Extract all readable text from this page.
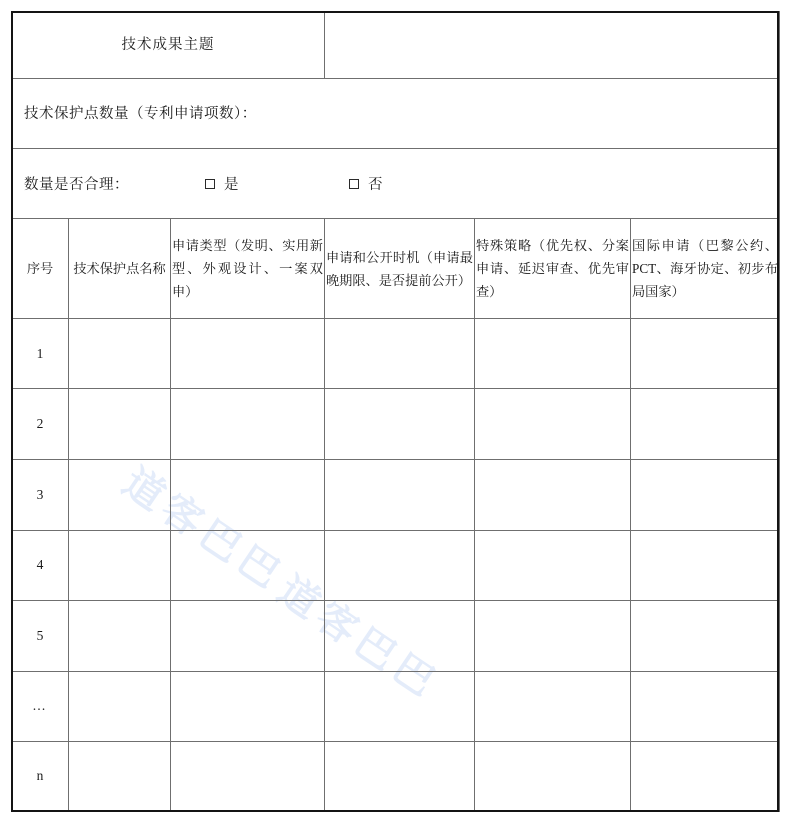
道客巴巴
道客巴巴
技术成果主题					

技术保护点数量（专利申请项数）：					

数量是否合理： 是 否					

序号	技术保护点名称	申请类型（发明、实用新型、外观设计、一案双申）	申请和公开时机（申请最晚期限、是否提前公开）	特殊策略（优先权、分案申请、延迟审查、优先审查）	国际申请（巴黎公约、PCT、海牙协定、初步布局国家）

1					

2					

3					

4					

5					

…					

n					
